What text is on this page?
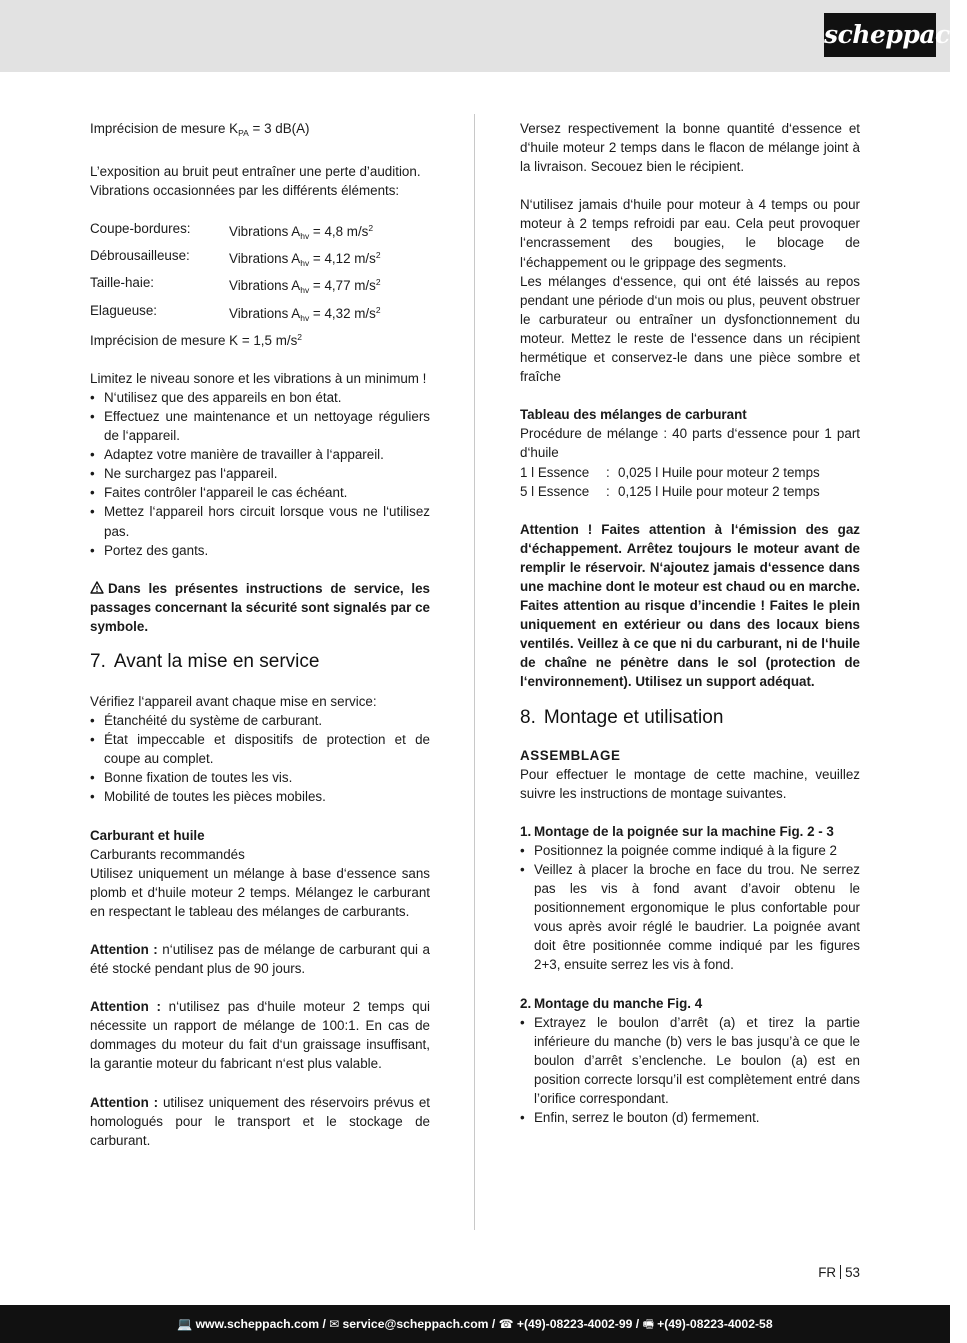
scheppach

Imprécision de mesure $K_{PA} = 3$ dB(A)

L’exposition au bruit peut entraîner une perte d’audition.

Vibrations occasionnées par les différents éléments:

Coupe-bordures:	Vibrations $A_{hv} = 4,8$ $m/s^2$
Débrousailleuse:	Vibrations $A_{hv} = 4,12$ $m/s^2$
Taille-haie:	Vibrations $A_{hv} = 4,77$ $m/s^2$
Elagueuse:	Vibrations $A_{hv} = 4,32$ $m/s^2$

Imprécision de mesure K = 1,5 $m/s^2$

Limitez le niveau sonore et les vibrations à un minimum !

• N‘utilisez que des appareils en bon état.
• Effectuez une maintenance et un nettoyage réguliers de l‘appareil.
• Adaptez votre manière de travailler à l‘appareil.
• Ne surchargez pas l‘appareil.
• Faites contrôler l‘appareil le cas échéant.
• Mettez l‘appareil hors circuit lorsque vous ne l‘utilisez pas.
• Portez des gants.

Dans les présentes instructions de service, les passages concernant la sécurité sont signalés par ce symbole.

7. Avant la mise en service

Vérifiez l‘appareil avant chaque mise en service:

• Étanchéité du système de carburant.
• État impeccable et dispositifs de protection et de coupe au complet.
• Bonne fixation de toutes les vis.
• Mobilité de toutes les pièces mobiles.

Carburant et huile

Carburants recommandés

Utilisez uniquement un mélange à base d‘essence sans plomb et d‘huile moteur 2 temps. Mélangez le carburant en respectant le tableau des mélanges de carburants.

Attention : n‘utilisez pas de mélange de carburant qui a été stocké pendant plus de 90 jours.

Attention : n‘utilisez pas d‘huile moteur 2 temps qui nécessite un rapport de mélange de 100:1. En cas de dommages du moteur du fait d‘un graissage insuffisant, la garantie moteur du fabricant n‘est plus valable.

Attention : utilisez uniquement des réservoirs prévus et homologués pour le transport et le stockage de carburant.

Versez respectivement la bonne quantité d‘essence et d‘huile moteur 2 temps dans le flacon de mélange joint à la livraison. Secouez bien le récipient.

N‘utilisez jamais d‘huile pour moteur à 4 temps ou pour moteur à 2 temps refroidi par eau. Cela peut provoquer l‘encrassement des bougies, le blocage de l‘échappement ou le grippage des segments.

Les mélanges d‘essence, qui ont été laissés au repos pendant une période d‘un mois ou plus, peuvent obstruer le carburateur ou entraîner un dysfonctionnement du moteur. Mettez le reste de l‘essence dans un récipient hermétique et conservez-le dans une pièce sombre et fraîche

Tableau des mélanges de carburant

Procédure de mélange : 40 parts d‘essence pour 1 part d‘huile

1 l Essence	: 0,025 l Huile pour moteur 2 temps
5 l Essence	: 0,125 l Huile pour moteur 2 temps

Attention ! Faites attention à l‘émission des gaz d‘échappement. Arrêtez toujours le moteur avant de remplir le réservoir. N‘ajoutez jamais d‘essence dans une machine dont le moteur est chaud ou en marche. Faites attention au risque d’incendie ! Faites le plein uniquement en extérieur ou dans des locaux biens ventilés. Veillez à ce que ni du carburant, ni de l‘huile de chaîne ne pénètre dans le sol (protection de l‘environnement). Utilisez un support adéquat.

8. Montage et utilisation

ASSEMBLAGE

Pour effectuer le montage de cette machine, veuillez suivre les instructions de montage suivantes.

1. Montage de la poignée sur la machine Fig. 2 - 3
• Positionnez la poignée comme indiqué à la figure 2
• Veillez à placer la broche en face du trou. Ne serrez pas les vis à fond avant d’avoir obtenu le positionnement ergonomique le plus confortable pour vous après avoir réglé le baudrier. La poignée avant doit être positionnée comme indiqué par les figures 2+3, ensuite serrez les vis à fond.
2. Montage du manche Fig. 4
• Extrayez le boulon d’arrêt (a) et tirez la partie inférieure du manche (b) vers le bas jusqu’à ce que le boulon d’arrêt s’enclenche. Le boulon (a) est en position correcte lorsqu’il est complètement entré dans l’orifice correspondant.
• Enfin, serrez le bouton (d) fermement.
FR 53
💻 www.scheppach.com / ✉ service@scheppach.com / ☎ +(49)-08223-4002-99 / 🖷 +(49)-08223-4002-58
